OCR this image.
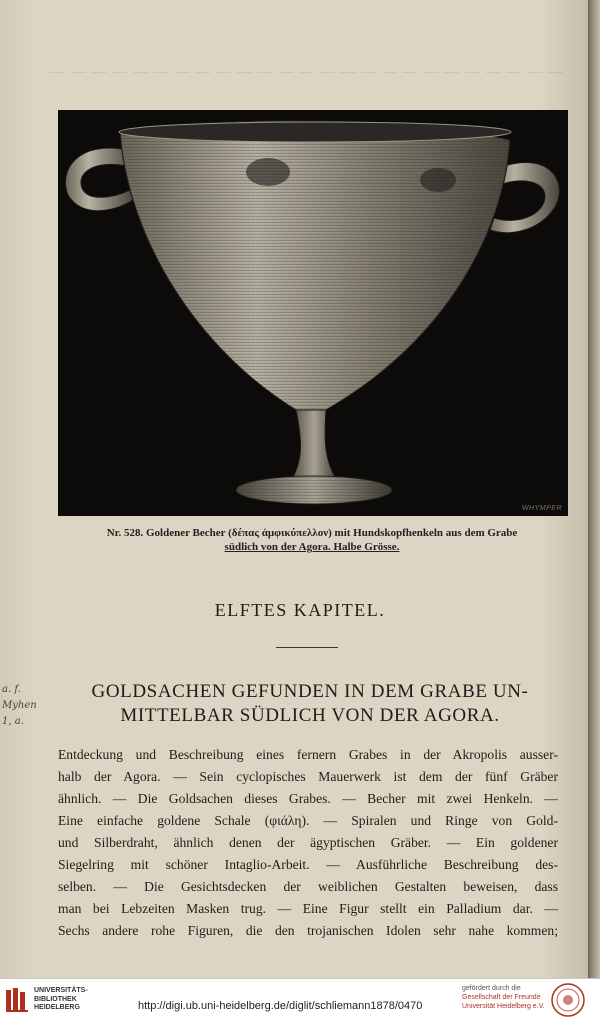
— — — — — — — — — — — — — — — — — — — — — — — — —
WHYMPER
Nr. 528. Goldener Becher (δέπας ἀμφικύπελλον) mit Hundskopfhenkeln aus dem Grabe
südlich von der Agora. Halbe Grösse.
ELFTES KAPITEL.
GOLDSACHEN GEFUNDEN IN DEM GRABE UN-
MITTELBAR SÜDLICH VON DER AGORA.
Entdeckung und Beschreibung eines fernern Grabes in der Akropolis ausser-
halb der Agora. — Sein cyclopisches Mauerwerk ist dem der fünf Gräber
ähnlich. — Die Goldsachen dieses Grabes. — Becher mit zwei Henkeln. —
Eine einfache goldene Schale (φιάλη). — Spiralen und Ringe von Gold-
und Silberdraht, ähnlich denen der ägyptischen Gräber. — Ein goldener
Siegelring mit schöner Intaglio-Arbeit. — Ausführliche Beschreibung des-
selben. — Die Gesichtsdecken der weiblichen Gestalten beweisen, dass
man bei Lebzeiten Masken trug. — Eine Figur stellt ein Palladium dar. —
Sechs andere rohe Figuren, die den trojanischen Idolen sehr nahe kommen;
a. f.
Myhen
1, a.
UNIVERSITÄTS-
BIBLIOTHEK
HEIDELBERG	http://digi.ub.uni-heidelberg.de/diglit/schliemann1878/0470
gefördert durch die
Gesellschaft der Freunde
Universität Heidelberg e.V.
